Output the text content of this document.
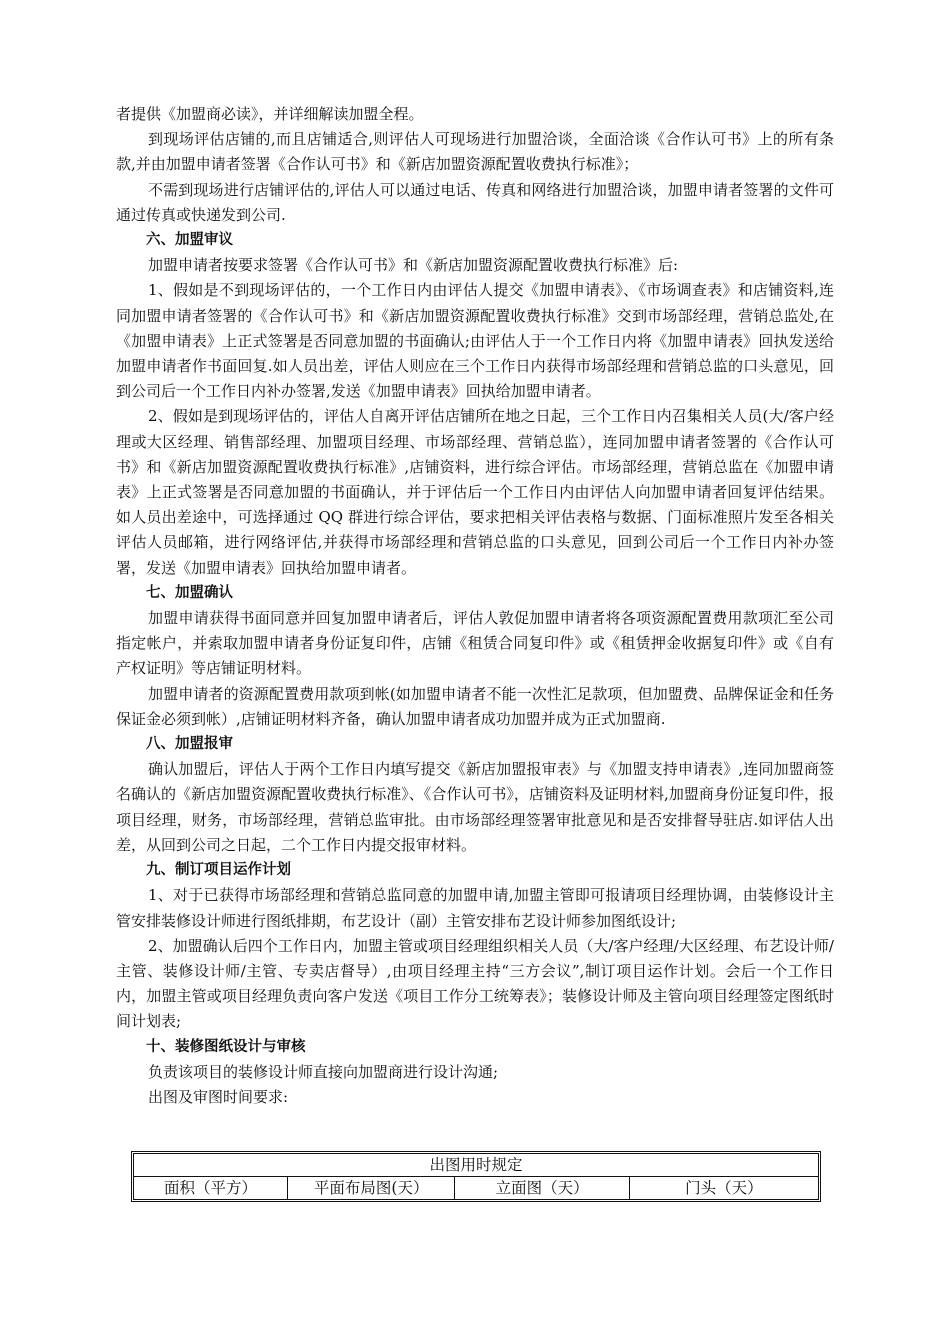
者提供《加盟商必读》，并详细解读加盟全程。

到现场评估店铺的,而且店铺适合,则评估人可现场进行加盟洽谈，全面洽谈《合作认可书》上的所有条款,并由加盟申请者签署《合作认可书》和《新店加盟资源配置收费执行标准》；

不需到现场进行店铺评估的,评估人可以通过电话、传真和网络进行加盟洽谈，加盟申请者签署的文件可通过传真或快递发到公司.

六、加盟审议

加盟申请者按要求签署《合作认可书》和《新店加盟资源配置收费执行标准》后:

1、假如是不到现场评估的，一个工作日内由评估人提交《加盟申请表》、《市场调查表》和店铺资料,连同加盟申请者签署的《合作认可书》和《新店加盟资源配置收费执行标准》交到市场部经理，营销总监处,在《加盟申请表》上正式签署是否同意加盟的书面确认;由评估人于一个工作日内将《加盟申请表》回执发送给加盟申请者作书面回复.如人员出差，评估人则应在三个工作日内获得市场部经理和营销总监的口头意见，回到公司后一个工作日内补办签署,发送《加盟申请表》回执给加盟申请者。

2、假如是到现场评估的，评估人自离开评估店铺所在地之日起，三个工作日内召集相关人员(大/客户经理或大区经理、销售部经理、加盟项目经理、市场部经理、营销总监），连同加盟申请者签署的《合作认可书》和《新店加盟资源配置收费执行标准》,店铺资料，进行综合评估。市场部经理，营销总监在《加盟申请表》上正式签署是否同意加盟的书面确认，并于评估后一个工作日内由评估人向加盟申请者回复评估结果。如人员出差途中，可选择通过 QQ 群进行综合评估，要求把相关评估表格与数据、门面标准照片发至各相关评估人员邮箱，进行网络评估,并获得市场部经理和营销总监的口头意见，回到公司后一个工作日内补办签署，发送《加盟申请表》回执给加盟申请者。

七、加盟确认

加盟申请获得书面同意并回复加盟申请者后，评估人敦促加盟申请者将各项资源配置费用款项汇至公司指定帐户，并索取加盟申请者身份证复印件，店铺《租赁合同复印件》或《租赁押金收据复印件》或《自有产权证明》等店铺证明材料。

加盟申请者的资源配置费用款项到帐(如加盟申请者不能一次性汇足款项，但加盟费、品牌保证金和任务保证金必须到帐）,店铺证明材料齐备，确认加盟申请者成功加盟并成为正式加盟商.

八、加盟报审

确认加盟后，评估人于两个工作日内填写提交《新店加盟报审表》与《加盟支持申请表》,连同加盟商签名确认的《新店加盟资源配置收费执行标准》、《合作认可书》，店铺资料及证明材料,加盟商身份证复印件，报项目经理，财务，市场部经理，营销总监审批。由市场部经理签署审批意见和是否安排督导驻店.如评估人出差，从回到公司之日起，二个工作日内提交报审材料。

九、制订项目运作计划

1、对于已获得市场部经理和营销总监同意的加盟申请,加盟主管即可报请项目经理协调，由装修设计主管安排装修设计师进行图纸排期，布艺设计（副）主管安排布艺设计师参加图纸设计;

2、加盟确认后四个工作日内，加盟主管或项目经理组织相关人员（大/客户经理/大区经理、布艺设计师/主管、装修设计师/主管、专卖店督导）,由项目经理主持“三方会议”,制订项目运作计划。会后一个工作日内，加盟主管或项目经理负责向客户发送《项目工作分工统筹表》；装修设计师及主管向项目经理签定图纸时间计划表;

十、装修图纸设计与审核

负责该项目的装修设计师直接向加盟商进行设计沟通;

出图及审图时间要求:

出图用时规定
面积（平方）	平面布局图(天）	立面图（天）	门头（天）
